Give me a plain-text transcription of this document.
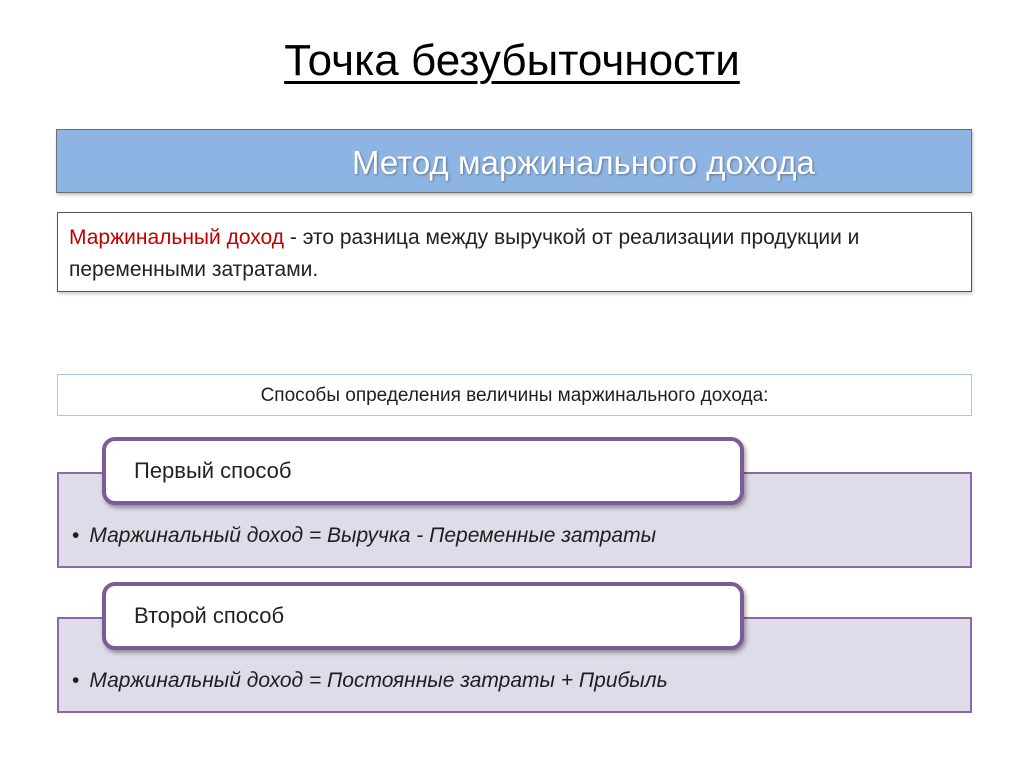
Точка безубыточности
Метод маржинального дохода
Маржинальный доход - это разница между выручкой от реализации продукции и переменными затратами.
Способы определения величины маржинального дохода:
• Маржинальный доход = Выручка - Переменные затраты
Первый способ
• Маржинальный доход = Постоянные затраты + Прибыль
Второй способ
